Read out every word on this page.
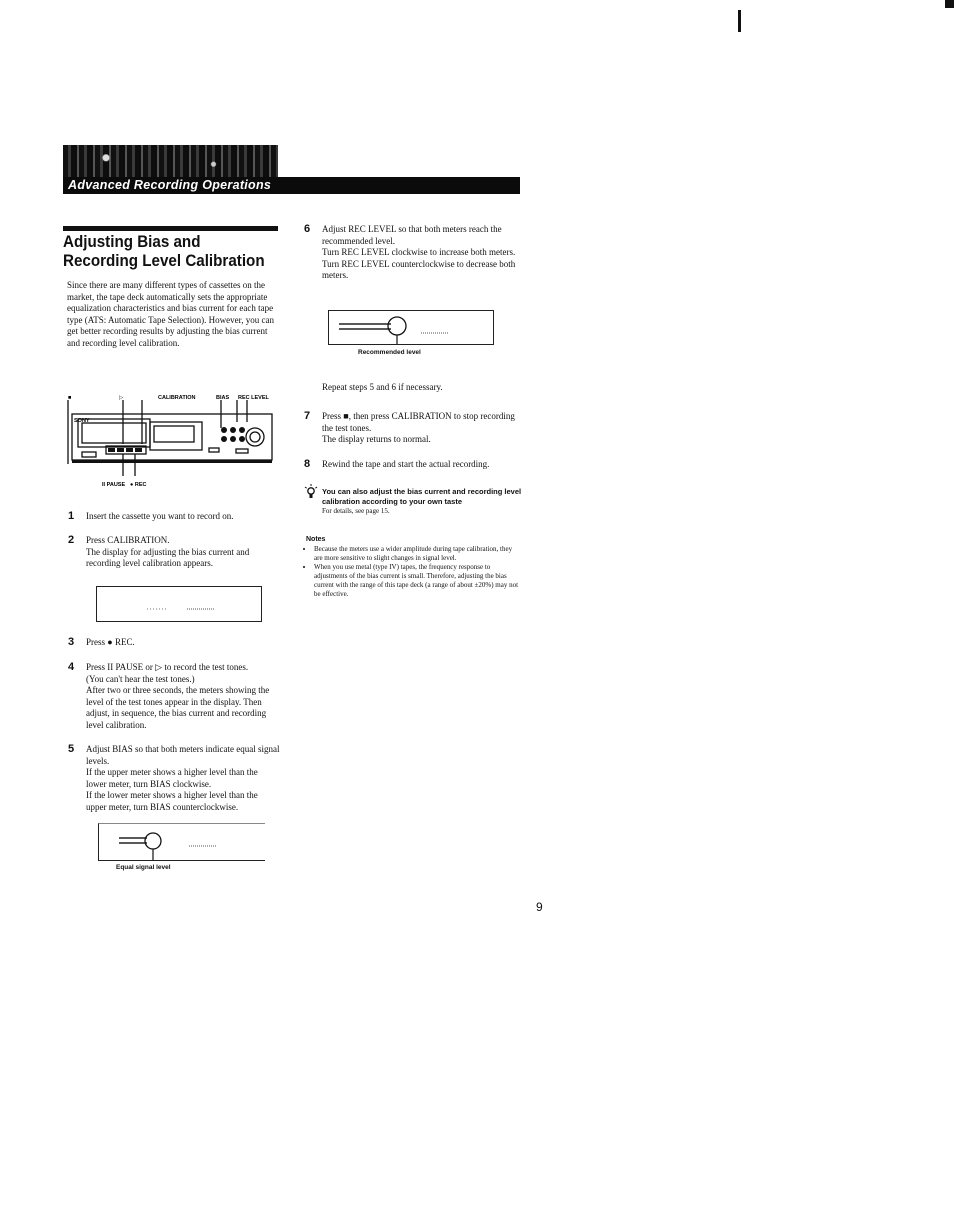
Advanced Recording Operations
Adjusting Bias and Recording Level Calibration
Since there are many different types of cassettes on the market, the tape deck automatically sets the appropriate equalization characteristics and bias current for each tape type (ATS: Automatic Tape Selection). However, you can get better recording results by adjusting the bias current and recording level calibration.
SONY
■	▷	CALIBRATION	BIAS REC LEVEL
II PAUSE ● REC
1 Insert the cassette you want to record on.

2 Press CALIBRATION.

The display for adjusting the bias current and recording level calibration appears.

3 Press ● REC.

4 Press II PAUSE or ▷ to record the test tones.

(You can't hear the test tones.)

After two or three seconds, the meters showing the level of the test tones appear in the display. Then adjust, in sequence, the bias current and recording level calibration.

5 Adjust BIAS so that both meters indicate equal signal levels.

If the upper meter shows a higher level than the lower meter, turn BIAS clockwise.

If the lower meter shows a higher level than the upper meter, turn BIAS counterclockwise.

Equal signal level
6 Adjust REC LEVEL so that both meters reach the recommended level.

Turn REC LEVEL clockwise to increase both meters.

Turn REC LEVEL counterclockwise to decrease both meters.

Recommended level
Repeat steps 5 and 6 if necessary.
7 Press ■, then press CALIBRATION to stop recording the test tones.

The display returns to normal.

8 Rewind the tape and start the actual recording.

You can also adjust the bias current and recording level calibration according to your own taste
For details, see page 15.
Notes
• Because the meters use a wider amplitude during tape calibration, they are more sensitive to slight changes in signal level.
• When you use metal (type IV) tapes, the frequency response to adjustments of the bias current is small. Therefore, adjusting the bias current with the range of this tape deck (a range of about ±20%) may not be effective.
9
